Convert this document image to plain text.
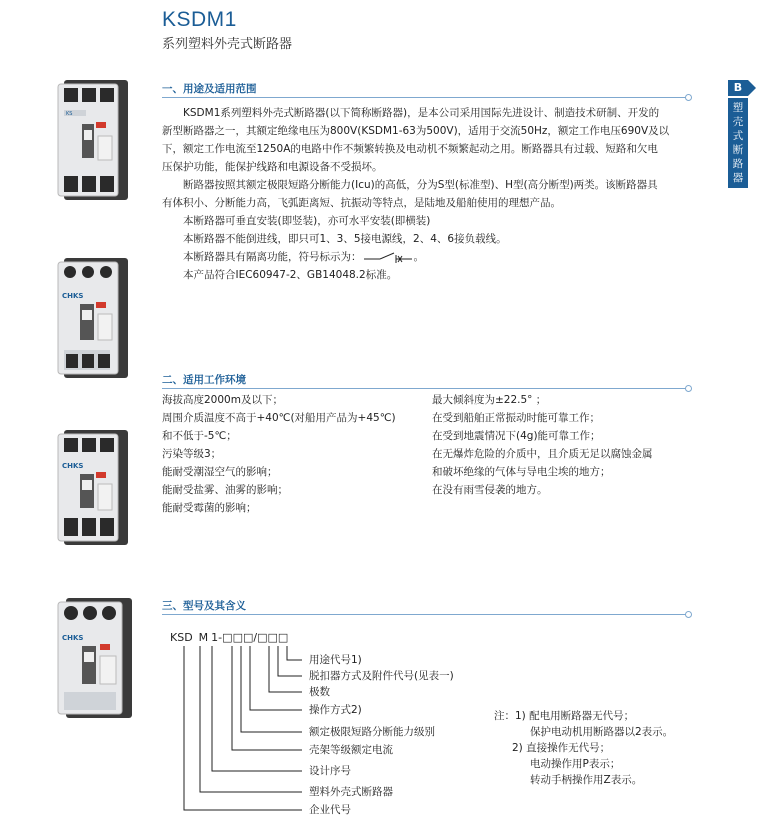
KSDM1
系列塑料外壳式断路器
B
塑壳式断路器
KS
CHKS
CHKS
CHKS
一、用途及适用范围

KSDM1系列塑料外壳式断路器(以下简称断路器)，是本公司采用国际先进设计、制造技术研制、开发的

新型断路器之一，其额定绝缘电压为800V(KSDM1-63为500V)，适用于交流50Hz，额定工作电压690V及以

下，额定工作电流至1250A的电路中作不频繁转换及电动机不频繁起动之用。断路器具有过载、短路和欠电

压保护功能，能保护线路和电源设备不受损坏。

断路器按照其额定极限短路分断能力(Icu)的高低，分为S型(标准型)、H型(高分断型)两类。该断路器具

有体积小、分断能力高，飞弧距离短、抗振动等特点，是陆地及船舶使用的理想产品。

本断路器可垂直安装(即竖装)，亦可水平安装(即横装)

本断路器不能倒进线，即只可1、3、5接电源线，2、4、6接负载线。

本断路器具有隔离功能，符号标示为：	。

本产品符合IEC60947-2、GB14048.2标准。

二、适用工作环境
海拔高度2000m及以下；
周围介质温度不高于+40℃(对船用产品为+45℃)
和不低于-5℃；
污染等级3；
能耐受潮湿空气的影响；
能耐受盐雾、油雾的影响；
能耐受霉菌的影响；
最大倾斜度为±22.5° ；
在受到船舶正常振动时能可靠工作；
在受到地震情况下(4g)能可靠工作；
在无爆炸危险的介质中，且介质无足以腐蚀金属
和破坏绝缘的气体与导电尘埃的地方；
在没有雨雪侵袭的地方。
三、型号及其含义
KSD M 1-□□□/□□□
用途代号1)
脱扣器方式及附件代号(见表一)
极数
操作方式2)
额定极限短路分断能力级别
壳架等级额定电流
设计序号
塑料外壳式断路器
企业代号
注：1) 配电用断路器无代号；
保护电动机用断路器以2表示。
2) 直接操作无代号；
电动操作用P表示；
转动手柄操作用Z表示。
